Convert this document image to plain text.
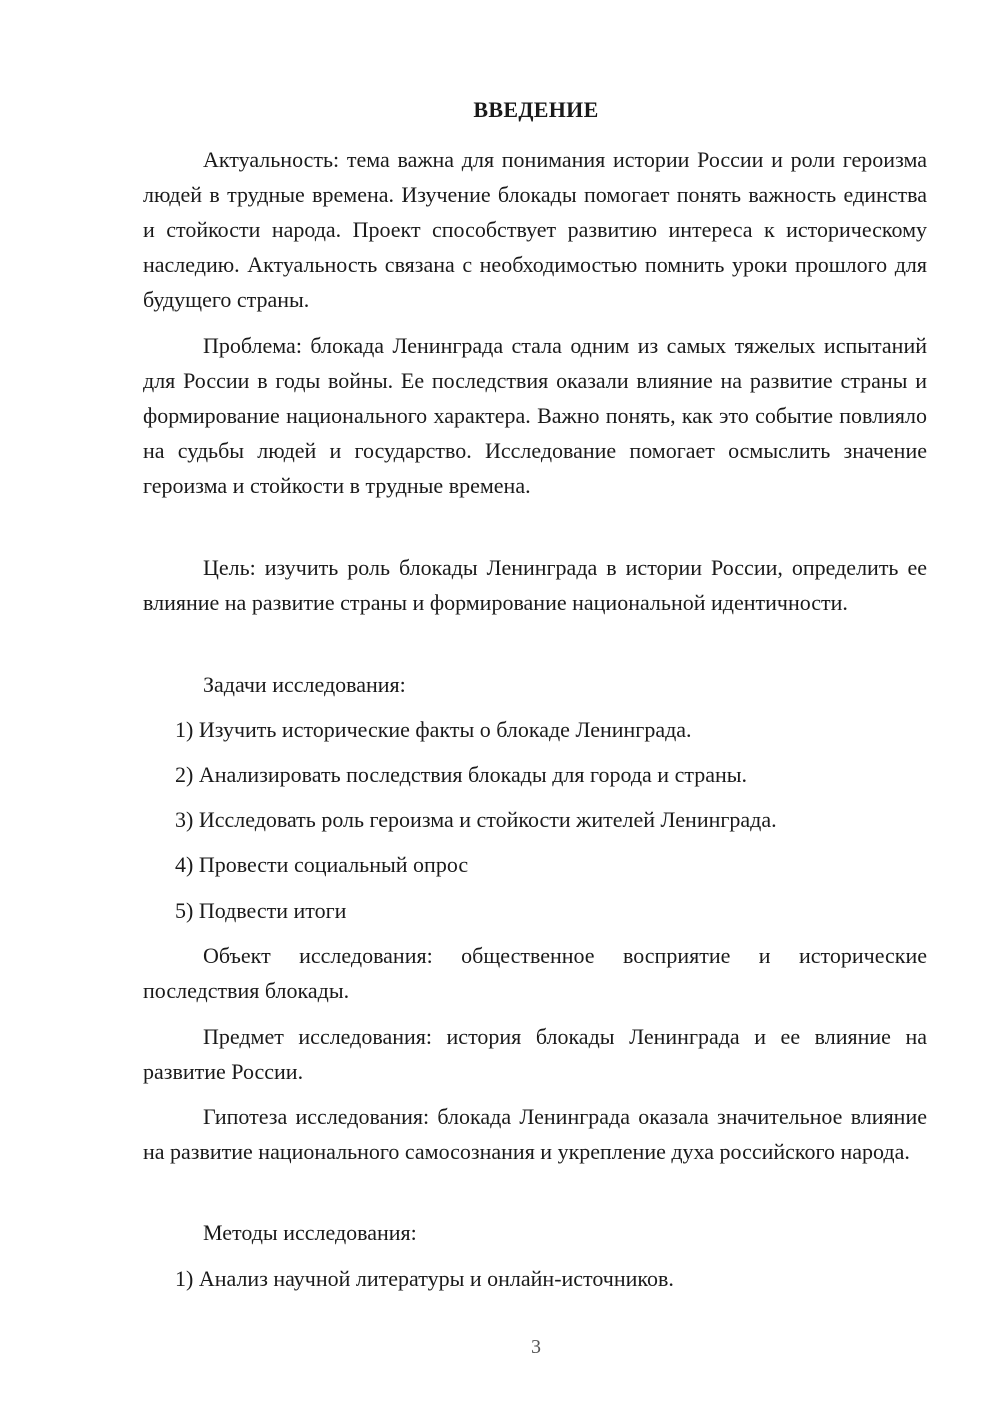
ВВЕДЕНИЕ

Актуальность: тема важна для понимания истории России и роли героизма людей в трудные времена. Изучение блокады помогает понять важность единства и стойкости народа. Проект способствует развитию интереса к историческому наследию. Актуальность связана с необходимостью помнить уроки прошлого для будущего страны.

Проблема: блокада Ленинграда стала одним из самых тяжелых испытаний для России в годы войны. Ее последствия оказали влияние на развитие страны и формирование национального характера. Важно понять, как это событие повлияло на судьбы людей и государство. Исследование помогает осмыслить значение героизма и стойкости в трудные времена.

Цель: изучить роль блокады Ленинграда в истории России, определить ее влияние на развитие страны и формирование национальной идентичности.

Задачи исследования:

1) Изучить исторические факты о блокаде Ленинграда.

2) Анализировать последствия блокады для города и страны.

3) Исследовать роль героизма и стойкости жителей Ленинграда.

4) Провести социальный опрос

5) Подвести итоги

Объект исследования: общественное восприятие и исторические последствия блокады.

Предмет исследования: история блокады Ленинграда и ее влияние на развитие России.

Гипотеза исследования: блокада Ленинграда оказала значительное влияние на развитие национального самосознания и укрепление духа российского народа.

Методы исследования:

1) Анализ научной литературы и онлайн-источников.

3
